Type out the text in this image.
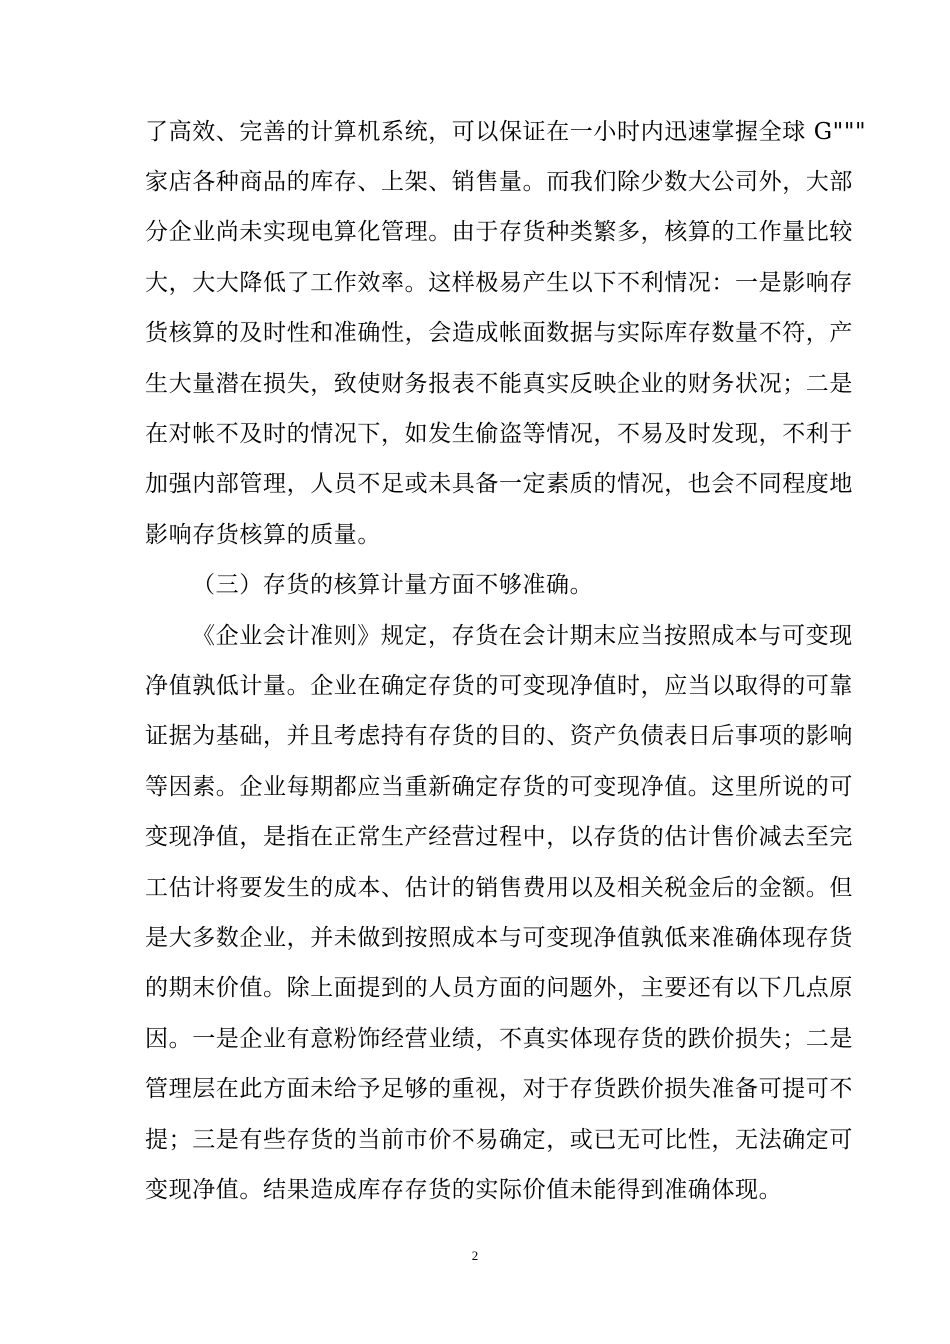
了高效、完善的计算机系统，可以保证在一小时内迅速掌握全球 G"""
家店各种商品的库存、上架、销售量。而我们除少数大公司外，大部
分企业尚未实现电算化管理。由于存货种类繁多，核算的工作量比较
大，大大降低了工作效率。这样极易产生以下不利情况：一是影响存
货核算的及时性和准确性，会造成帐面数据与实际库存数量不符，产
生大量潜在损失，致使财务报表不能真实反映企业的财务状况；二是
在对帐不及时的情况下，如发生偷盗等情况，不易及时发现，不利于
加强内部管理，人员不足或未具备一定素质的情况，也会不同程度地
影响存货核算的质量。
（三）存货的核算计量方面不够准确。
《企业会计准则》规定，存货在会计期末应当按照成本与可变现
净值孰低计量。企业在确定存货的可变现净值时，应当以取得的可靠
证据为基础，并且考虑持有存货的目的、资产负债表日后事项的影响
等因素。企业每期都应当重新确定存货的可变现净值。这里所说的可
变现净值，是指在正常生产经营过程中，以存货的估计售价减去至完
工估计将要发生的成本、估计的销售费用以及相关税金后的金额。但
是大多数企业，并未做到按照成本与可变现净值孰低来准确体现存货
的期末价值。除上面提到的人员方面的问题外，主要还有以下几点原
因。一是企业有意粉饰经营业绩，不真实体现存货的跌价损失；二是
管理层在此方面未给予足够的重视，对于存货跌价损失准备可提可不
提；三是有些存货的当前市价不易确定，或已无可比性，无法确定可
变现净值。结果造成库存存货的实际价值未能得到准确体现。
2
